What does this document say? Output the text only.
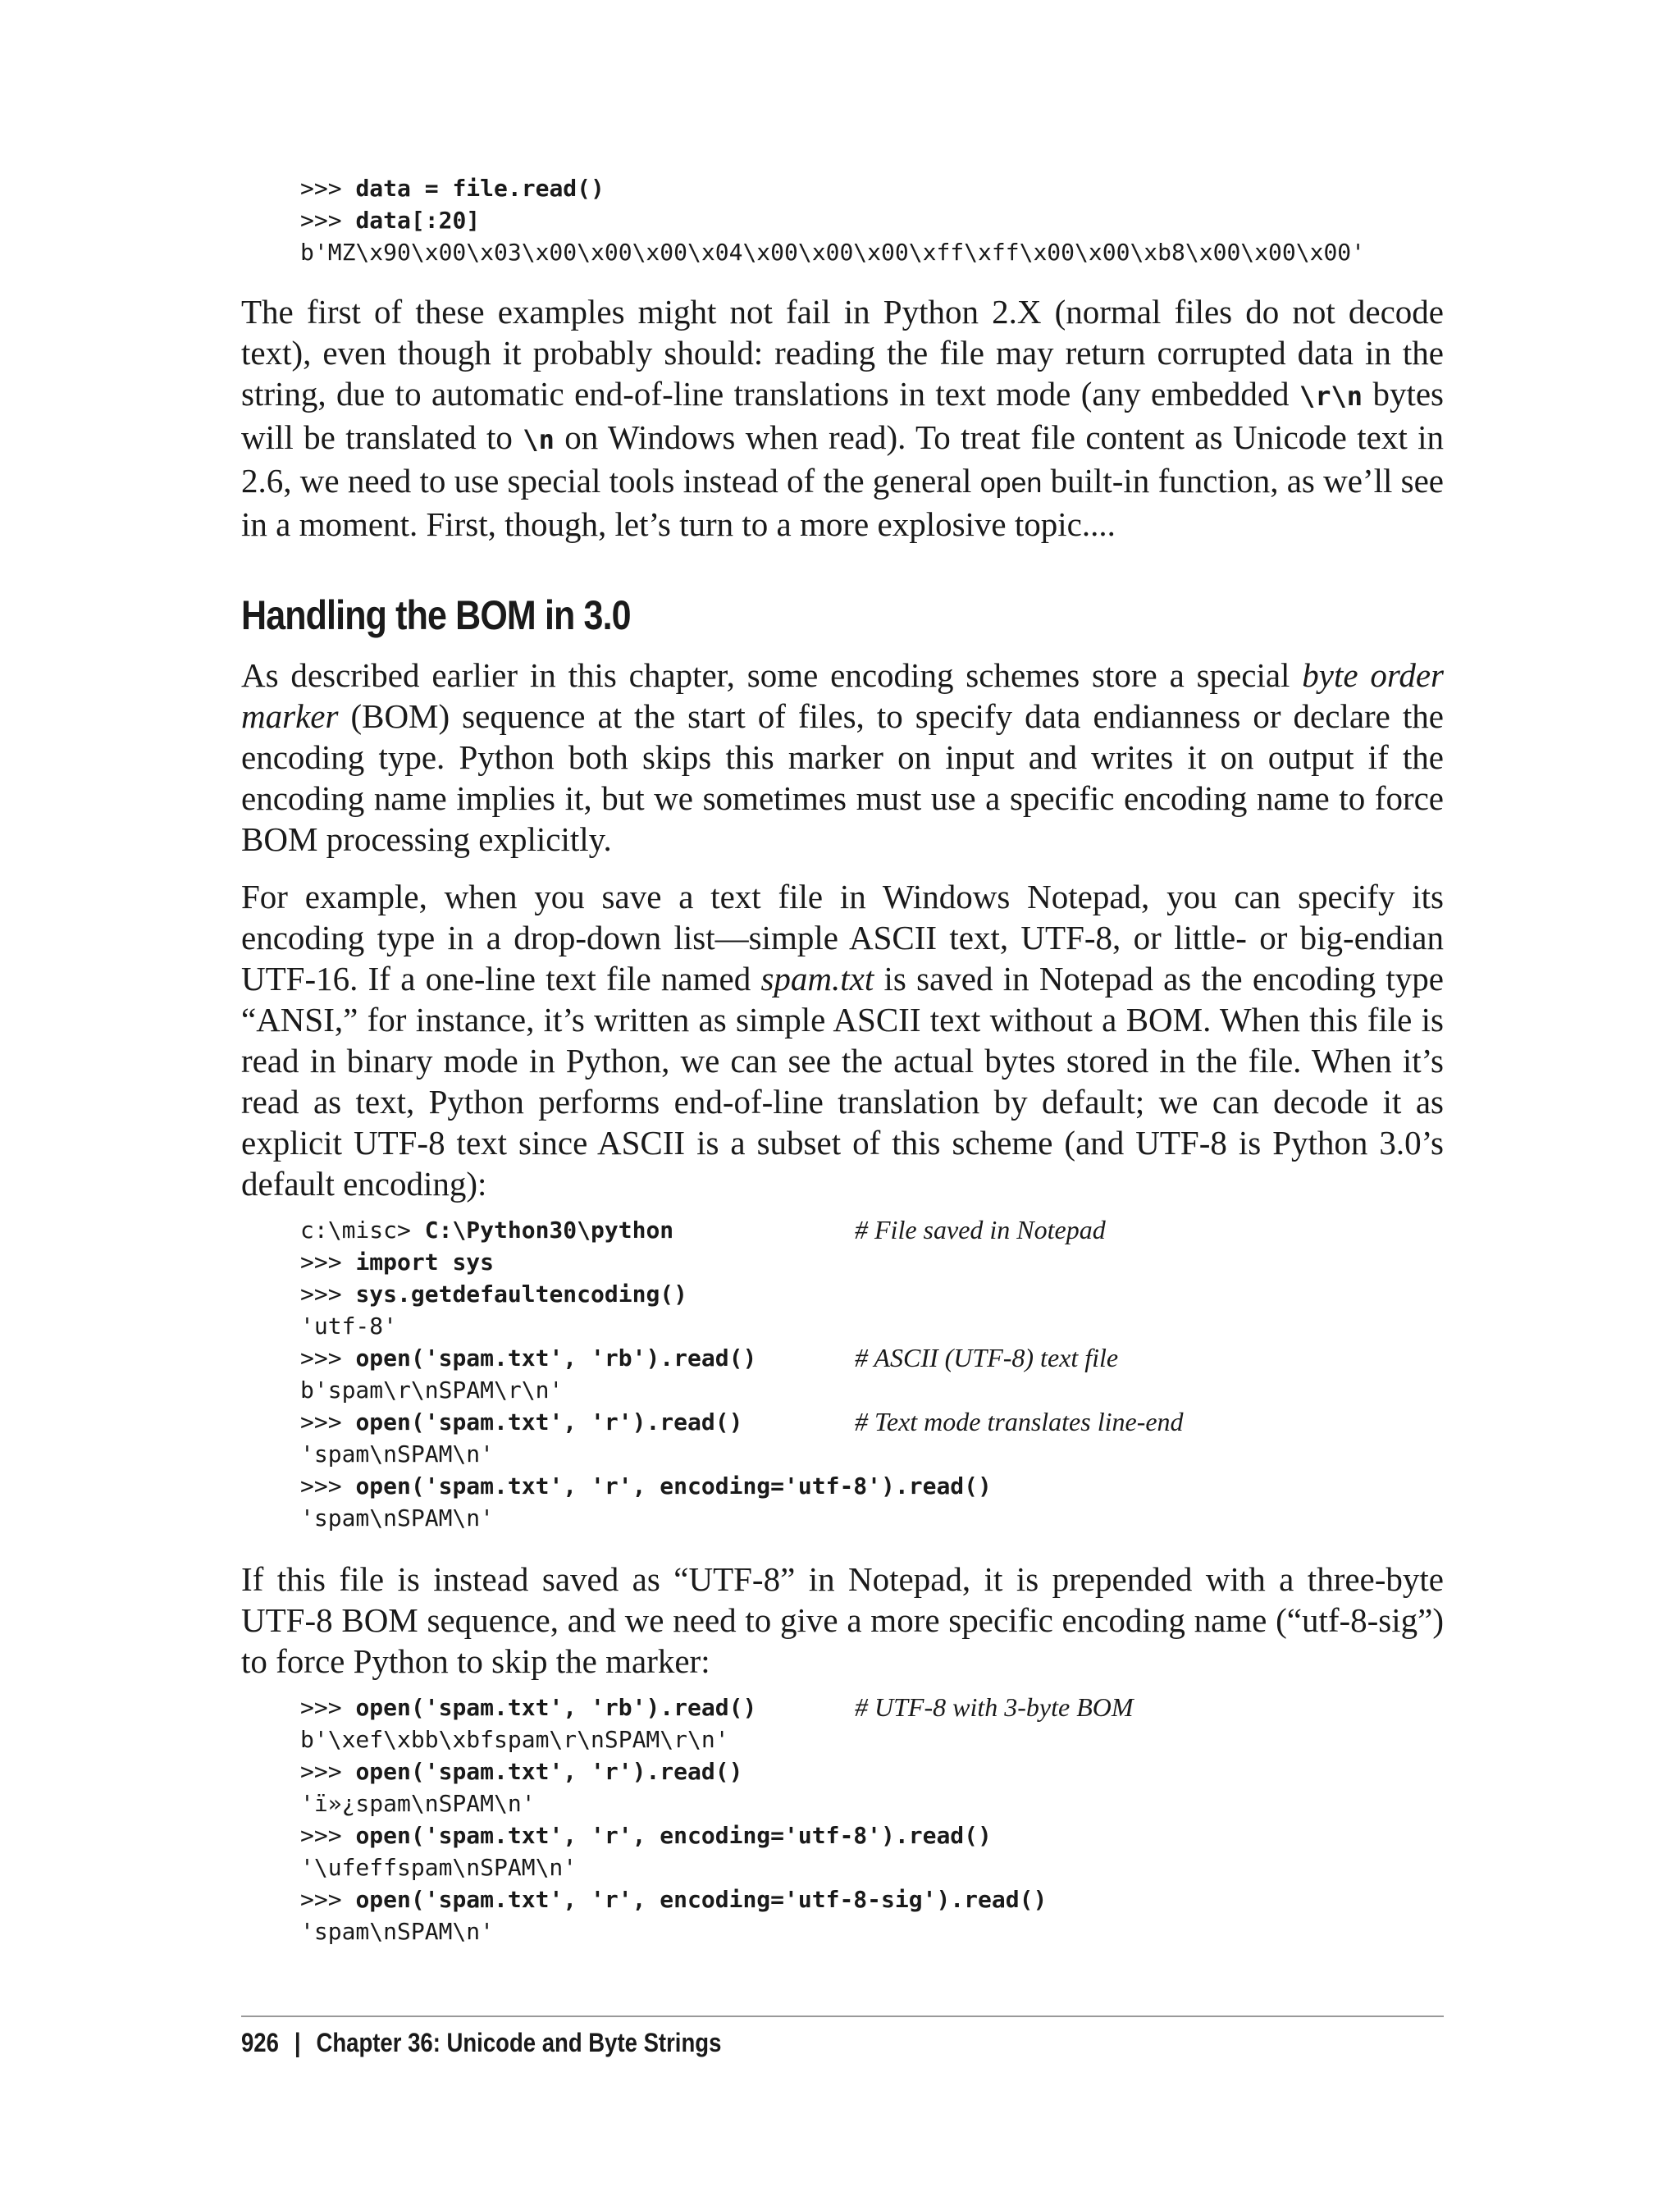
>>> data = file.read()
>>> data[:20]
b'MZ\x90\x00\x03\x00\x00\x00\x04\x00\x00\x00\xff\xff\x00\x00\xb8\x00\x00\x00'

The first of these examples might not fail in Python 2.X (normal files do not decode text), even though it probably should: reading the file may return corrupted data in the string, due to automatic end-of-line translations in text mode (any embedded \r\n bytes will be translated to \n on Windows when read). To treat file content as Unicode text in 2.6, we need to use special tools instead of the general open built-in function, as we’ll see in a moment. First, though, let’s turn to a more explosive topic....

Handling the BOM in 3.0

As described earlier in this chapter, some encoding schemes store a special byte order marker (BOM) sequence at the start of files, to specify data endianness or declare the encoding type. Python both skips this marker on input and writes it on output if the encoding name implies it, but we sometimes must use a specific encoding name to force BOM processing explicitly.

For example, when you save a text file in Windows Notepad, you can specify its encoding type in a drop-down list—simple ASCII text, UTF-8, or little- or big-endian UTF-16. If a one-line text file named spam.txt is saved in Notepad as the encoding type “ANSI,” for instance, it’s written as simple ASCII text without a BOM. When this file is read in binary mode in Python, we can see the actual bytes stored in the file. When it’s read as text, Python performs end-of-line translation by default; we can decode it as explicit UTF-8 text since ASCII is a subset of this scheme (and UTF-8 is Python 3.0’s default encoding):

c:\misc> C:\Python30\python	# File saved in Notepad
>>> import sys
>>> sys.getdefaultencoding()
'utf-8'
>>> open('spam.txt', 'rb').read()	# ASCII (UTF-8) text file
b'spam\r\nSPAM\r\n'
>>> open('spam.txt', 'r').read()	# Text mode translates line-end
'spam\nSPAM\n'
>>> open('spam.txt', 'r', encoding='utf-8').read()
'spam\nSPAM\n'

If this file is instead saved as “UTF-8” in Notepad, it is prepended with a three-byte UTF-8 BOM sequence, and we need to give a more specific encoding name (“utf-8-sig”) to force Python to skip the marker:

>>> open('spam.txt', 'rb').read()	# UTF-8 with 3-byte BOM
b'\xef\xbb\xbfspam\r\nSPAM\r\n'
>>> open('spam.txt', 'r').read()
'ï»¿spam\nSPAM\n'
>>> open('spam.txt', 'r', encoding='utf-8').read()
'\ufeffspam\nSPAM\n'
>>> open('spam.txt', 'r', encoding='utf-8-sig').read()
'spam\nSPAM\n'
926 | Chapter 36: Unicode and Byte Strings
